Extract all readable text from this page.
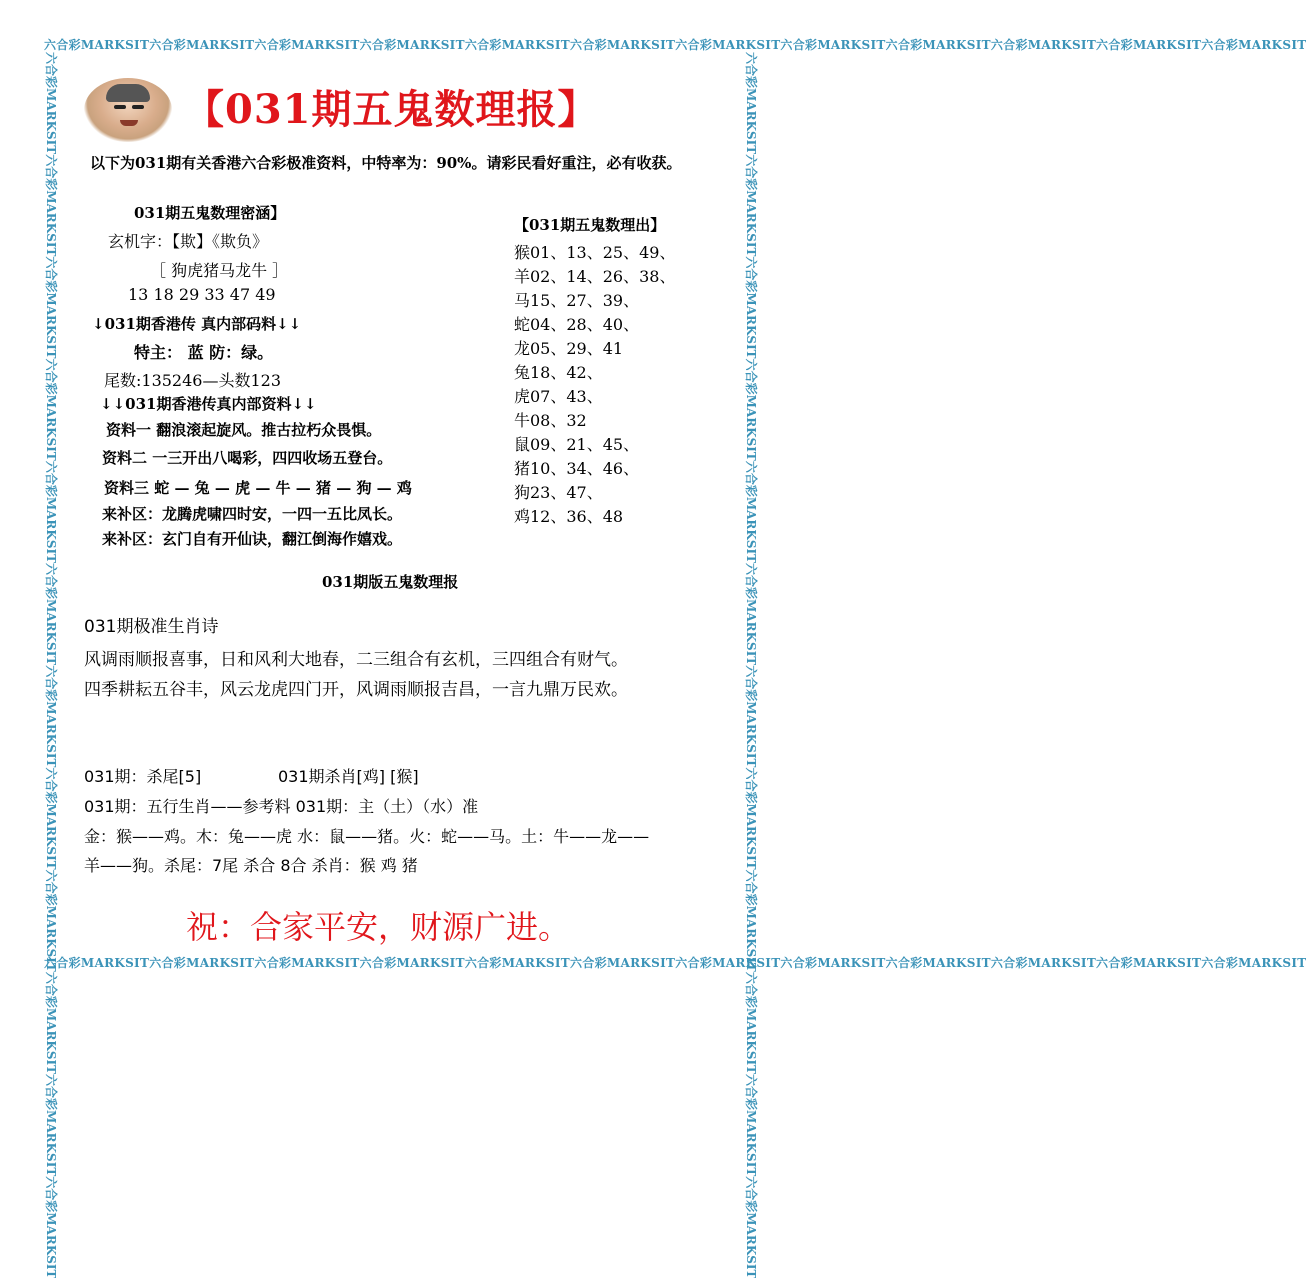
六合彩MARKSIT六合彩MARKSIT六合彩MARKSIT六合彩MARKSIT六合彩MARKSIT六合彩MARKSIT六合彩MARKSIT六合彩MARKSIT六合彩MARKSIT六合彩MARKSIT六合彩MARKSIT六合彩MARKSIT
六合彩MARKSIT六合彩MARKSIT六合彩MARKSIT六合彩MARKSIT六合彩MARKSIT六合彩MARKSIT六合彩MARKSIT六合彩MARKSIT六合彩MARKSIT六合彩MARKSIT六合彩MARKSIT六合彩MARKSIT
六合彩MARKSIT六合彩MARKSIT六合彩MARKSIT六合彩MARKSIT六合彩MARKSIT六合彩MARKSIT六合彩MARKSIT六合彩MARKSIT六合彩MARKSIT六合彩MARKSIT六合彩MARKSIT六合彩MARKSIT	六合彩MARKSIT六合彩MARKSIT六合彩MARKSIT六合彩MARKSIT六合彩MARKSIT六合彩MARKSIT六合彩MARKSIT六合彩MARKSIT六合彩MARKSIT六合彩MARKSIT六合彩MARKSIT六合彩MARKSIT
【031期五鬼数理报】
以下为031期有关香港六合彩极准资料，中特率为：90%。请彩民看好重注，必有收获。
031期五鬼数理密涵】
玄机字：【欺】《欺负》
［ 狗虎猪马龙牛 ］
13 18 29 33 47 49
↓031期香港传 真内部码料↓↓
特主： 蓝 防：绿。
尾数:135246—头数123
↓↓031期香港传真内部资料↓↓
资料一 翻浪滚起旋风。推古拉朽众畏惧。
资料二 一三开出八喝彩，四四收场五登台。
资料三 蛇 — 兔 — 虎 — 牛 — 猪 — 狗 — 鸡
来补区：龙腾虎啸四时安，一四一五比凤长。
来补区：玄门自有开仙诀，翻江倒海作嬉戏。
【031期五鬼数理出】
猴01、13、25、49、
羊02、14、26、38、
马15、27、39、
蛇04、28、40、
龙05、29、41
兔18、42、
虎07、43、
牛08、32
鼠09、21、45、
猪10、34、46、
狗23、47、
鸡12、36、48
031期版五鬼数理报
031期极准生肖诗
风调雨顺报喜事，日和风利大地春，二三组合有玄机，三四组合有财气。
四季耕耘五谷丰，风云龙虎四门开，风调雨顺报吉昌，一言九鼎万民欢。
031期：杀尾[5]	031期杀肖[鸡] [猴]
031期：五行生肖——参考料 031期：主（土）（水）准
金：猴——鸡。木：兔——虎 水：鼠——猪。火：蛇——马。土：牛——龙——
羊——狗。杀尾：7尾 杀合 8合 杀肖：猴 鸡 猪
祝：合家平安，财源广进。
